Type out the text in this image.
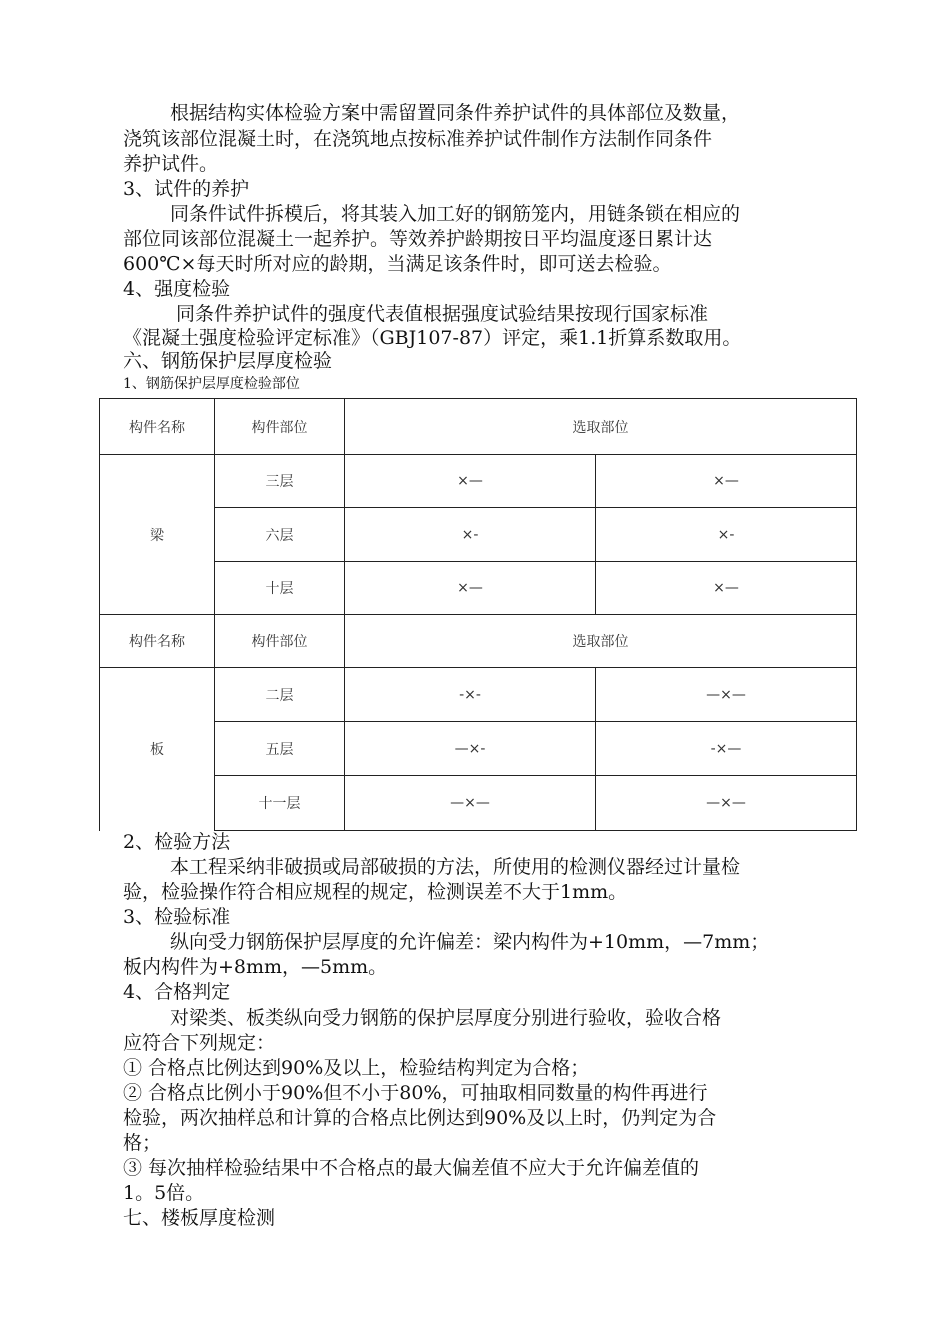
根据结构实体检验方案中需留置同条件养护试件的具体部位及数量，
浇筑该部位混凝土时，在浇筑地点按标准养护试件制作方法制作同条件
养护试件。
3、试件的养护
同条件试件拆模后，将其装入加工好的钢筋笼内，用链条锁在相应的
部位同该部位混凝土一起养护。等效养护龄期按日平均温度逐日累计达
600℃×每天时所对应的龄期，当满足该条件时，即可送去检验。
4、强度检验
同条件养护试件的强度代表值根据强度试验结果按现行国家标准
《混凝土强度检验评定标准》（GBJ107-87）评定，乘1.1折算系数取用。
六、钢筋保护层厚度检验
1、钢筋保护层厚度检验部位
构件名称	构件部位	选取部位	
梁	三层	×—	×—
	六层	×-	×-
	十层	×—	×—
构件名称	构件部位	选取部位	
板	二层	-×-	—×—
	五层	—×-	-×—
	十一层	—×—	—×—
2、检验方法
本工程采纳非破损或局部破损的方法，所使用的检测仪器经过计量检
验，检验操作符合相应规程的规定，检测误差不大于1mm。
3、检验标准
纵向受力钢筋保护层厚度的允许偏差：梁内构件为+10mm，—7mm；
板内构件为+8mm，—5mm。
4、合格判定
对梁类、板类纵向受力钢筋的保护层厚度分别进行验收，验收合格
应符合下列规定：
① 合格点比例达到90%及以上，检验结构判定为合格；
② 合格点比例小于90%但不小于80%，可抽取相同数量的构件再进行
检验，两次抽样总和计算的合格点比例达到90%及以上时，仍判定为合
格；
③ 每次抽样检验结果中不合格点的最大偏差值不应大于允许偏差值的
1。5倍。
七、楼板厚度检测
